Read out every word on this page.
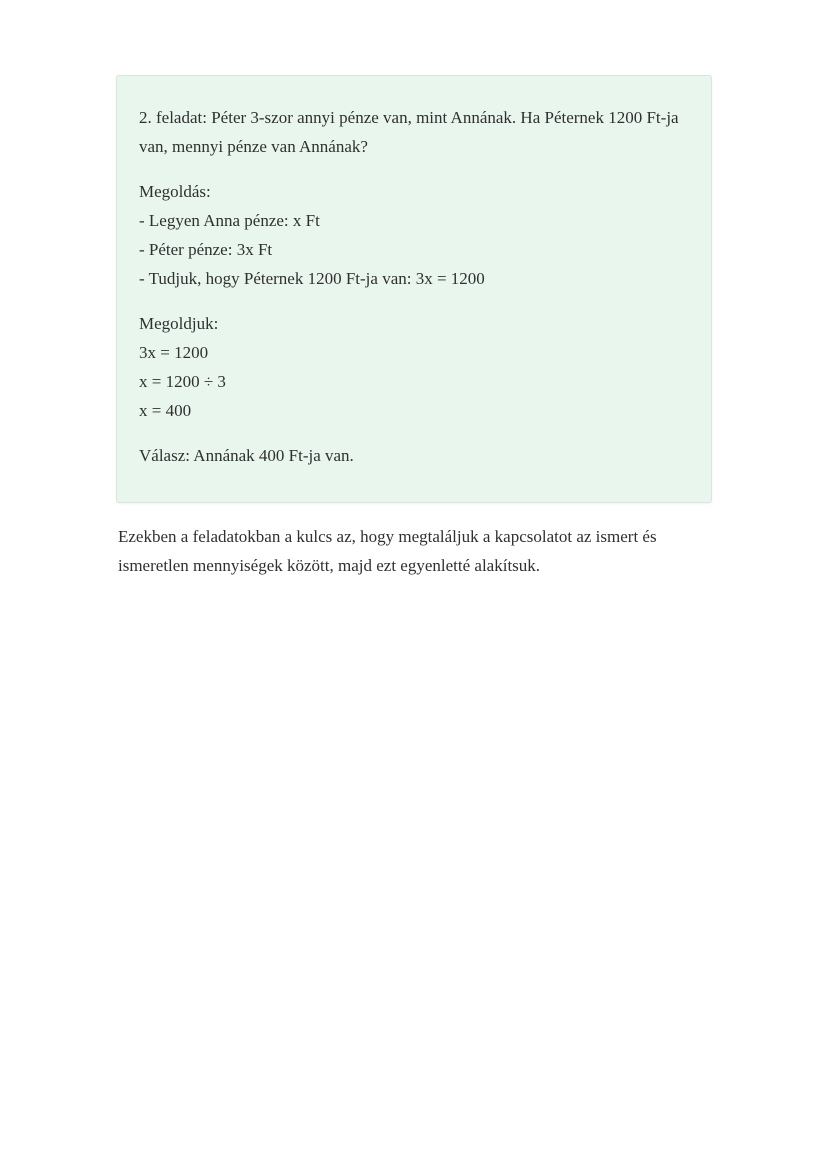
2. feladat: Péter 3-szor annyi pénze van, mint Annának. Ha Péternek 1200 Ft-ja van, mennyi pénze van Annának?

Megoldás:
- Legyen Anna pénze: x Ft
- Péter pénze: 3x Ft
- Tudjuk, hogy Péternek 1200 Ft-ja van: 3x = 1200

Megoldjuk:
3x = 1200
x = 1200 ÷ 3
x = 400

Válasz: Annának 400 Ft-ja van.

Ezekben a feladatokban a kulcs az, hogy megtaláljuk a kapcsolatot az ismert és ismeretlen mennyiségek között, majd ezt egyenletté alakítsuk.
